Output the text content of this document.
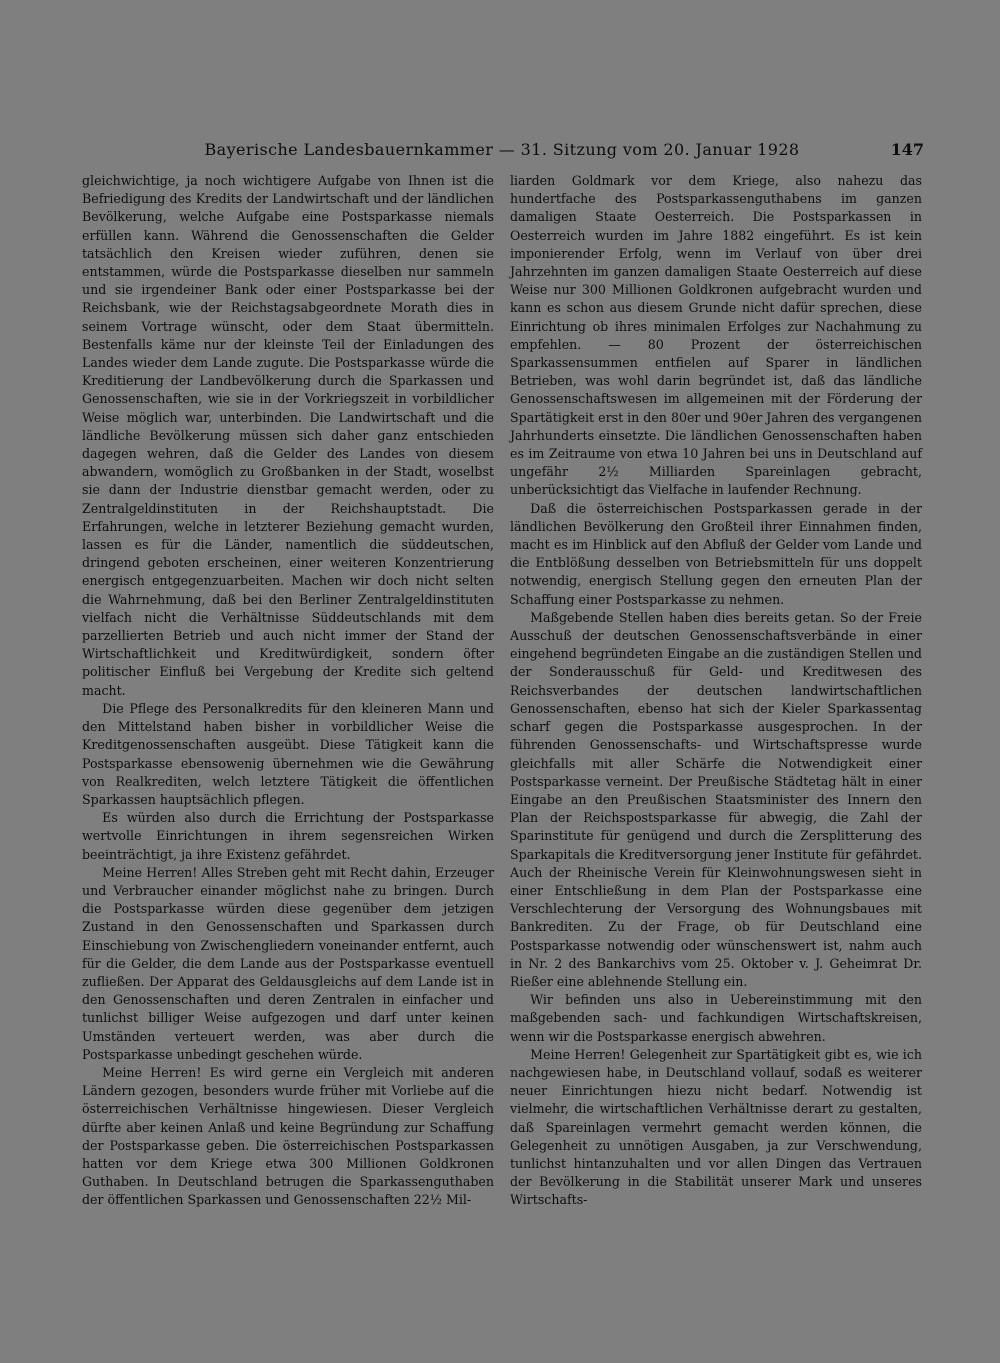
Bayerische Landesbauernkammer — 31. Sitzung vom 20. Januar 1928	147

gleichwichtige, ja noch wichtigere Aufgabe von Ihnen ist die Befriedigung des Kredits der Landwirtschaft und der ländlichen Bevölkerung, welche Aufgabe eine Postsparkasse niemals erfüllen kann. Während die Genossenschaften die Gelder tatsächlich den Kreisen wieder zuführen, denen sie entstammen, würde die Postsparkasse dieselben nur sammeln und sie irgendeiner Bank oder einer Postsparkasse bei der Reichsbank, wie der Reichstagsabgeordnete Morath dies in seinem Vortrage wünscht, oder dem Staat übermitteln. Bestenfalls käme nur der kleinste Teil der Einladungen des Landes wieder dem Lande zugute. Die Postsparkasse würde die Kreditierung der Landbevölkerung durch die Sparkassen und Genossenschaften, wie sie in der Vorkriegszeit in vorbildlicher Weise möglich war, unterbinden. Die Landwirtschaft und die ländliche Bevölkerung müssen sich daher ganz entschieden dagegen wehren, daß die Gelder des Landes von diesem abwandern, womöglich zu Großbanken in der Stadt, woselbst sie dann der Industrie dienstbar gemacht werden, oder zu Zentralgeldinstituten in der Reichshauptstadt. Die Erfahrungen, welche in letzterer Beziehung gemacht wurden, lassen es für die Länder, namentlich die süddeutschen, dringend geboten erscheinen, einer weiteren Konzentrierung energisch entgegenzuarbeiten. Machen wir doch nicht selten die Wahrnehmung, daß bei den Berliner Zentralgeldinstituten vielfach nicht die Verhältnisse Süddeutschlands mit dem parzellierten Betrieb und auch nicht immer der Stand der Wirtschaftlichkeit und Kreditwürdigkeit, sondern öfter politischer Einfluß bei Vergebung der Kredite sich geltend macht.

Die Pflege des Personalkredits für den kleineren Mann und den Mittelstand haben bisher in vorbildlicher Weise die Kreditgenossenschaften ausgeübt. Diese Tätigkeit kann die Postsparkasse ebensowenig übernehmen wie die Gewährung von Realkrediten, welch letztere Tätigkeit die öffentlichen Sparkassen hauptsächlich pflegen.

Es würden also durch die Errichtung der Postsparkasse wertvolle Einrichtungen in ihrem segensreichen Wirken beeinträchtigt, ja ihre Existenz gefährdet.

Meine Herren! Alles Streben geht mit Recht dahin, Erzeuger und Verbraucher einander möglichst nahe zu bringen. Durch die Postsparkasse würden diese gegenüber dem jetzigen Zustand in den Genossenschaften und Sparkassen durch Einschiebung von Zwischengliedern voneinander entfernt, auch für die Gelder, die dem Lande aus der Postsparkasse eventuell zufließen. Der Apparat des Geldausgleichs auf dem Lande ist in den Genossenschaften und deren Zentralen in einfacher und tunlichst billiger Weise aufgezogen und darf unter keinen Umständen verteuert werden, was aber durch die Postsparkasse unbedingt geschehen würde.

Meine Herren! Es wird gerne ein Vergleich mit anderen Ländern gezogen, besonders wurde früher mit Vorliebe auf die österreichischen Verhältnisse hingewiesen. Dieser Vergleich dürfte aber keinen Anlaß und keine Begründung zur Schaffung der Postsparkasse geben. Die österreichischen Postsparkassen hatten vor dem Kriege etwa 300 Millionen Goldkronen Guthaben. In Deutschland betrugen die Sparkassenguthaben der öffentlichen Sparkassen und Genossenschaften 22½ Mil-

liarden Goldmark vor dem Kriege, also nahezu das hundertfache des Postsparkassenguthabens im ganzen damaligen Staate Oesterreich. Die Postsparkassen in Oesterreich wurden im Jahre 1882 eingeführt. Es ist kein imponierender Erfolg, wenn im Verlauf von über drei Jahrzehnten im ganzen damaligen Staate Oesterreich auf diese Weise nur 300 Millionen Goldkronen aufgebracht wurden und kann es schon aus diesem Grunde nicht dafür sprechen, diese Einrichtung ob ihres minimalen Erfolges zur Nachahmung zu empfehlen. — 80 Prozent der österreichischen Sparkassensummen entfielen auf Sparer in ländlichen Betrieben, was wohl darin begründet ist, daß das ländliche Genossenschaftswesen im allgemeinen mit der Förderung der Spartätigkeit erst in den 80er und 90er Jahren des vergangenen Jahrhunderts einsetzte. Die ländlichen Genossenschaften haben es im Zeitraume von etwa 10 Jahren bei uns in Deutschland auf ungefähr 2½ Milliarden Spareinlagen gebracht, unberücksichtigt das Vielfache in laufender Rechnung.

Daß die österreichischen Postsparkassen gerade in der ländlichen Bevölkerung den Großteil ihrer Einnahmen finden, macht es im Hinblick auf den Abfluß der Gelder vom Lande und die Entblößung desselben von Betriebsmitteln für uns doppelt notwendig, energisch Stellung gegen den erneuten Plan der Schaffung einer Postsparkasse zu nehmen.

Maßgebende Stellen haben dies bereits getan. So der Freie Ausschuß der deutschen Genossenschaftsverbände in einer eingehend begründeten Eingabe an die zuständigen Stellen und der Sonderausschuß für Geld- und Kreditwesen des Reichsverbandes der deutschen landwirtschaftlichen Genossenschaften, ebenso hat sich der Kieler Sparkassentag scharf gegen die Postsparkasse ausgesprochen. In der führenden Genossenschafts- und Wirtschaftspresse wurde gleichfalls mit aller Schärfe die Notwendigkeit einer Postsparkasse verneint. Der Preußische Städtetag hält in einer Eingabe an den Preußischen Staatsminister des Innern den Plan der Reichspostsparkasse für abwegig, die Zahl der Sparinstitute für genügend und durch die Zersplitterung des Sparkapitals die Kreditversorgung jener Institute für gefährdet. Auch der Rheinische Verein für Kleinwohnungswesen sieht in einer Entschließung in dem Plan der Postsparkasse eine Verschlechterung der Versorgung des Wohnungsbaues mit Bankrediten. Zu der Frage, ob für Deutschland eine Postsparkasse notwendig oder wünschenswert ist, nahm auch in Nr. 2 des Bankarchivs vom 25. Oktober v. J. Geheimrat Dr. Rießer eine ablehnende Stellung ein.

Wir befinden uns also in Uebereinstimmung mit den maßgebenden sach- und fachkundigen Wirtschaftskreisen, wenn wir die Postsparkasse energisch abwehren.

Meine Herren! Gelegenheit zur Spartätigkeit gibt es, wie ich nachgewiesen habe, in Deutschland vollauf, sodaß es weiterer neuer Einrichtungen hiezu nicht bedarf. Notwendig ist vielmehr, die wirtschaftlichen Verhältnisse derart zu gestalten, daß Spareinlagen vermehrt gemacht werden können, die Gelegenheit zu unnötigen Ausgaben, ja zur Verschwendung, tunlichst hintanzuhalten und vor allen Dingen das Vertrauen der Bevölkerung in die Stabilität unserer Mark und unseres Wirtschafts-
